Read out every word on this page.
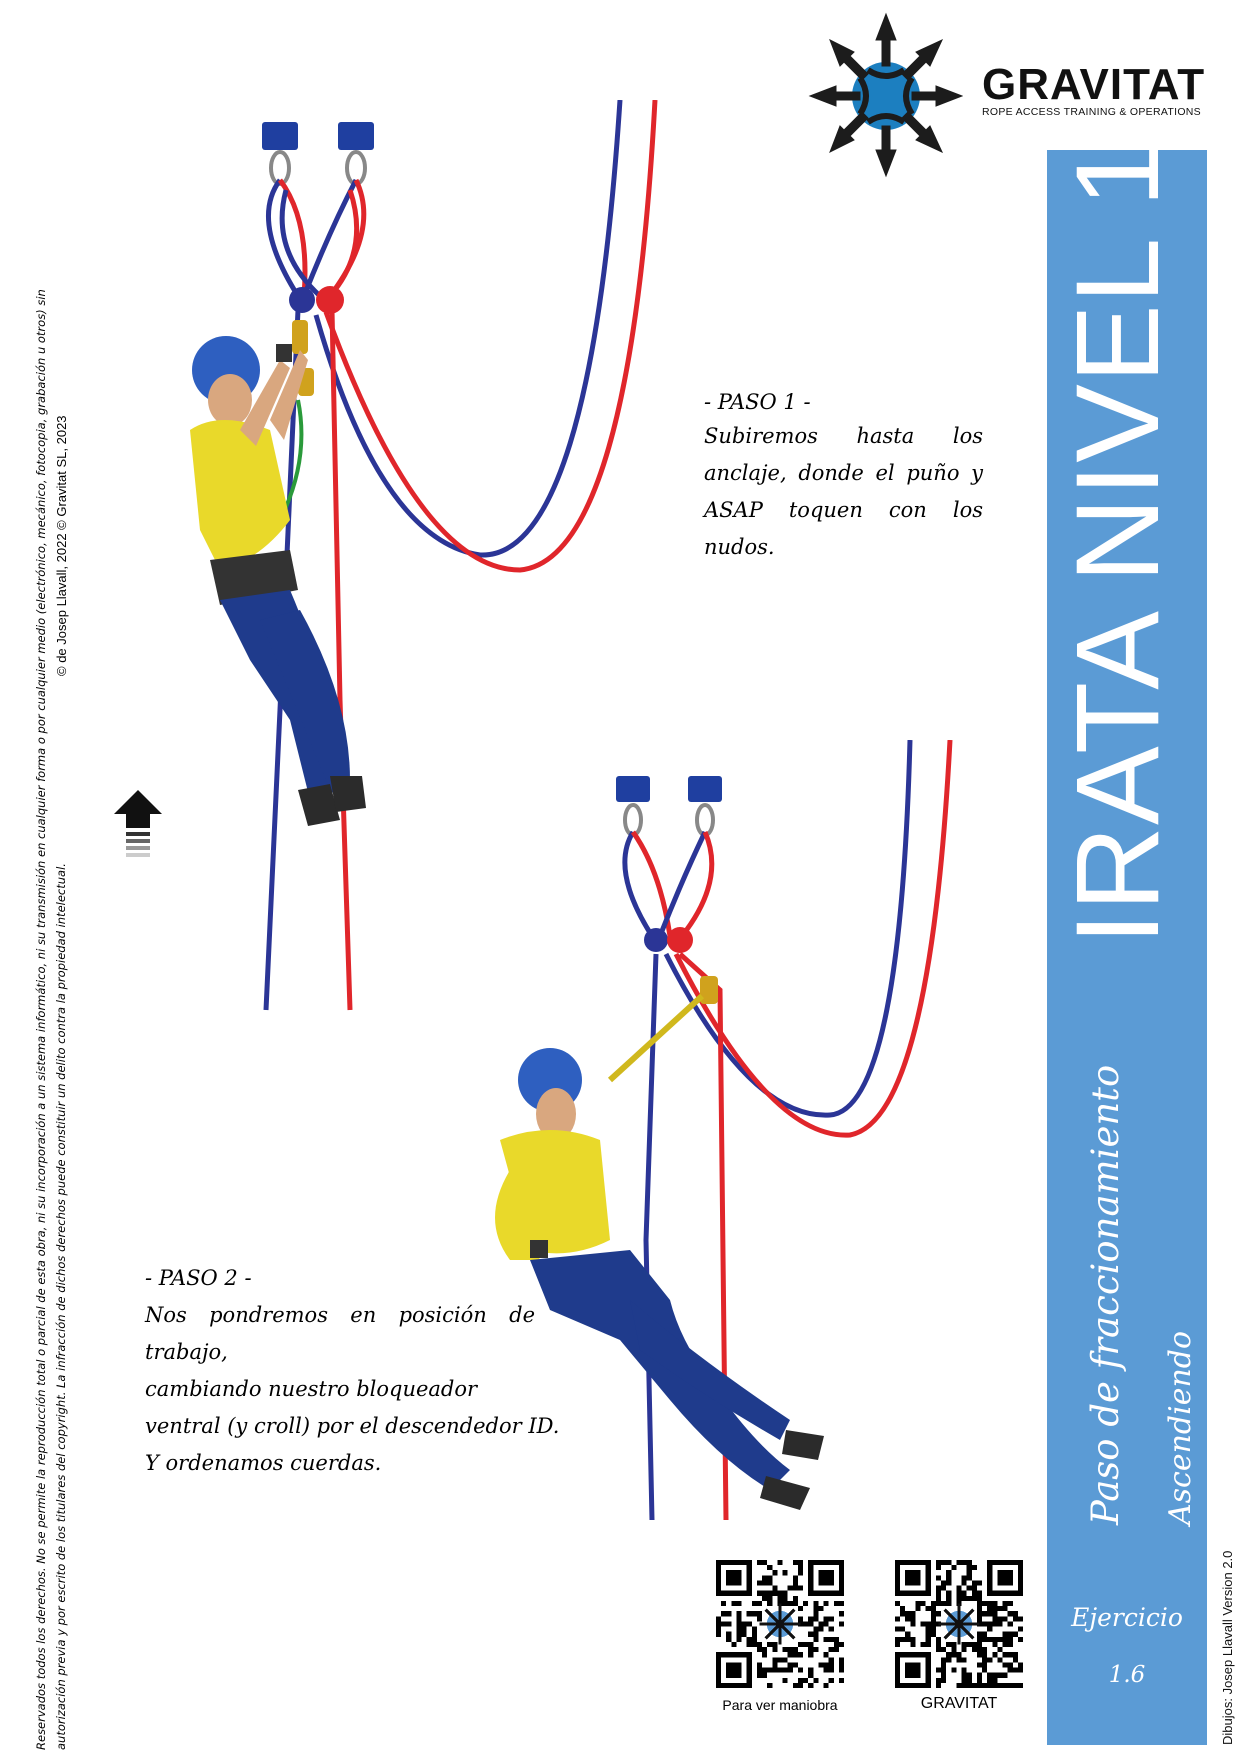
Reservados todos los derechos. No se permite la reproducción total o parcial de esta obra, ni su incorporación a un sistema informático, ni su transmisión en cualquier forma o por cualquier medio (electrónico, mecánico, fotocopia, grabación u otros) sin autorización previa y por escrito de los titulares del copyright. La infracción de dichos derechos puede constituir un delito contra la propiedad intelectual.
© de Josep Llavall, 2022 © Gravitat SL, 2023
GRAVITAT
ROPE ACCESS TRAINING & OPERATIONS
IRATA NIVEL 1
Paso de fraccionamiento Ascendiendo
Ejercicio
1.6	Dibujos: Josep Llavall Version 2.0
- PASO 1 -
Subiremos hasta los anclaje, donde el puño y ASAP toquen con los nudos.
- PASO 2 -
Nos pondremos en posición de
trabajo,
cambiando nuestro bloqueador
ventral (y croll) por el descendedor ID.
Y ordenamos cuerdas.
Para ver maniobra	GRAVITAT
